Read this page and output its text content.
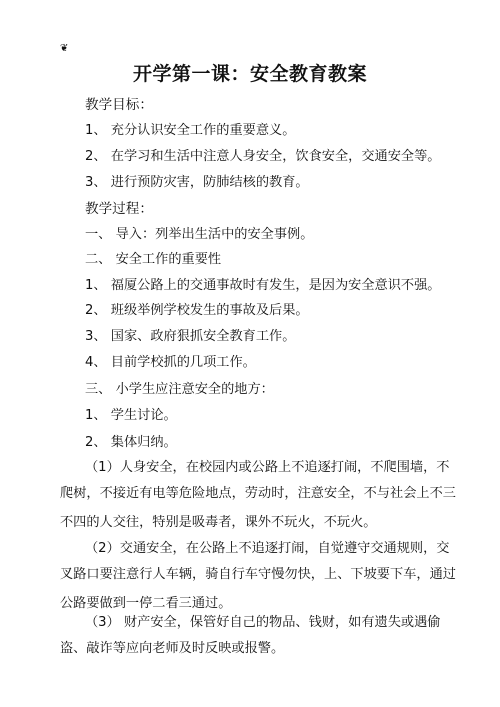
❦
开学第一课：安全教育教案
教学目标：
1、 充分认识安全工作的重要意义。
2、 在学习和生活中注意人身安全，饮食安全，交通安全等。
3、 进行预防灾害，防肺结核的教育。
教学过程：
一、 导入：列举出生活中的安全事例。
二、 安全工作的重要性
1、 福厦公路上的交通事故时有发生，是因为安全意识不强。
2、 班级举例学校发生的事故及后果。
3、 国家、政府狠抓安全教育工作。
4、 目前学校抓的几项工作。
三、 小学生应注意安全的地方：
1、 学生讨论。
2、 集体归纳。
（1）人身安全，在校园内或公路上不追逐打闹，不爬围墙，不
爬树，不接近有电等危险地点，劳动时，注意安全，不与社会上不三不四的人交往，特别是吸毒者，课外不玩火，不玩火。
（2）交通安全，在公路上不追逐打闹，自觉遵守交通规则，交
叉路口要注意行人车辆，骑自行车守慢勿快，上、下坡要下车，通过公路要做到一停二看三通过。
（3） 财产安全，保管好自己的物品、钱财，如有遗失或遇偷
盗、敲诈等应向老师及时反映或报警。
